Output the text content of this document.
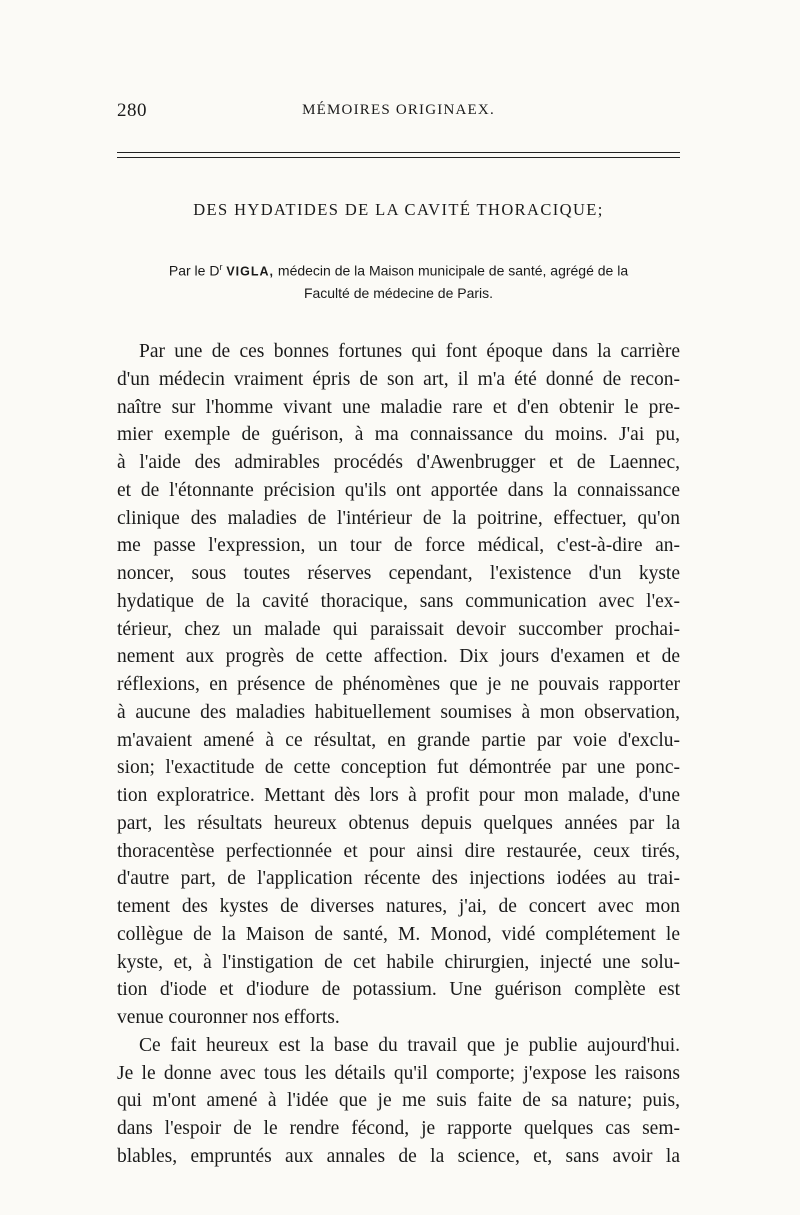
280	MÉMOIRES ORIGINAEX.
DES HYDATIDES DE LA CAVITÉ THORACIQUE;
Par le $D^r$ VIGLA, médecin de la Maison municipale de santé, agrégé de la
Faculté de médecine de Paris.
Par une de ces bonnes fortunes qui font époque dans la carrière
d'un médecin vraiment épris de son art, il m'a été donné de recon-
naître sur l'homme vivant une maladie rare et d'en obtenir le pre-
mier exemple de guérison, à ma connaissance du moins. J'ai pu,
à l'aide des admirables procédés d'Awenbrugger et de Laennec,
et de l'étonnante précision qu'ils ont apportée dans la connaissance
clinique des maladies de l'intérieur de la poitrine, effectuer, qu'on
me passe l'expression, un tour de force médical, c'est-à-dire an-
noncer, sous toutes réserves cependant, l'existence d'un kyste
hydatique de la cavité thoracique, sans communication avec l'ex-
térieur, chez un malade qui paraissait devoir succomber prochai-
nement aux progrès de cette affection. Dix jours d'examen et de
réflexions, en présence de phénomènes que je ne pouvais rapporter
à aucune des maladies habituellement soumises à mon observation,
m'avaient amené à ce résultat, en grande partie par voie d'exclu-
sion; l'exactitude de cette conception fut démontrée par une ponc-
tion exploratrice. Mettant dès lors à profit pour mon malade, d'une
part, les résultats heureux obtenus depuis quelques années par la
thoracentèse perfectionnée et pour ainsi dire restaurée, ceux tirés,
d'autre part, de l'application récente des injections iodées au trai-
tement des kystes de diverses natures, j'ai, de concert avec mon
collègue de la Maison de santé, M. Monod, vidé complétement le
kyste, et, à l'instigation de cet habile chirurgien, injecté une solu-
tion d'iode et d'iodure de potassium. Une guérison complète est
venue couronner nos efforts.
Ce fait heureux est la base du travail que je publie aujourd'hui.
Je le donne avec tous les détails qu'il comporte; j'expose les raisons
qui m'ont amené à l'idée que je me suis faite de sa nature; puis,
dans l'espoir de le rendre fécond, je rapporte quelques cas sem-
blables, empruntés aux annales de la science, et, sans avoir la
